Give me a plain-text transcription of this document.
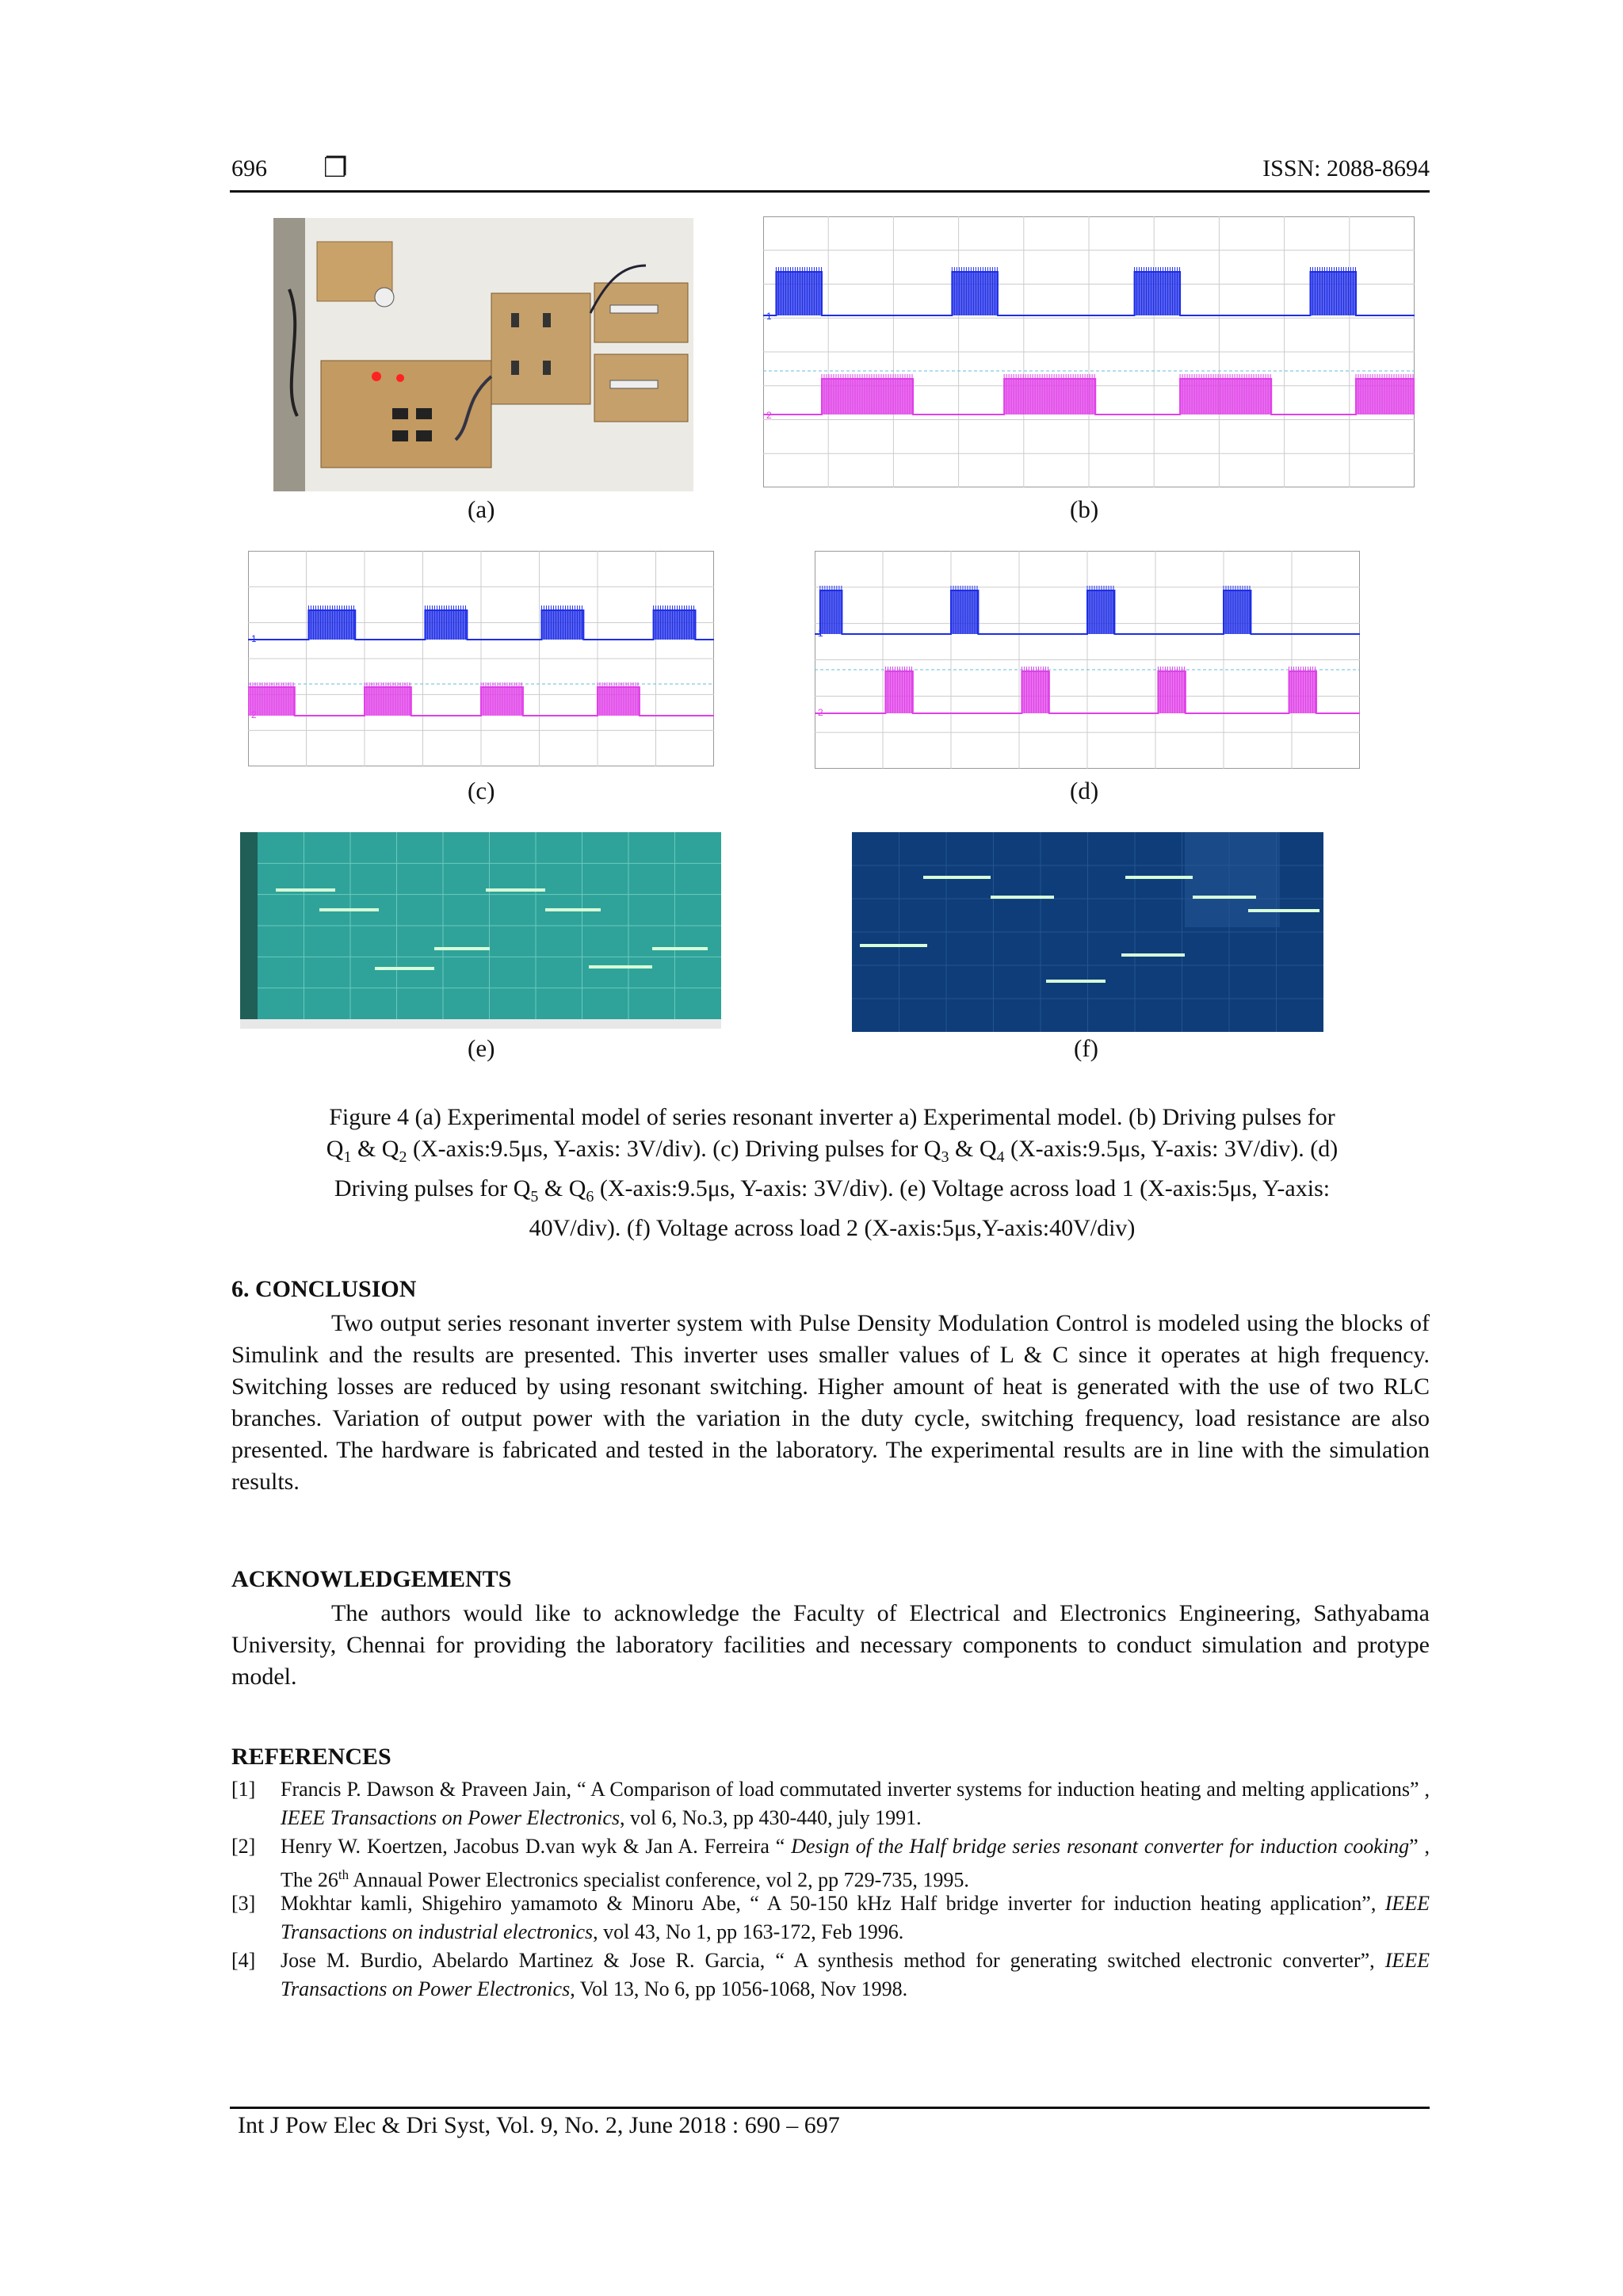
696 ❐	ISSN: 2088-8694
(a)
1
2
(b)
1
2
(c)
1
2
(d)
(e)	(f)
Figure 4 (a) Experimental model of series resonant inverter a) Experimental model. (b) Driving pulses for
$Q_1$ & $Q_2$ (X-axis:9.5μs, Y-axis: 3V/div). (c) Driving pulses for $Q_3$ & $Q_4$ (X-axis:9.5μs, Y-axis: 3V/div). (d)
Driving pulses for $Q_5$ & $Q_6$ (X-axis:9.5μs, Y-axis: 3V/div). (e) Voltage across load 1 (X-axis:5μs, Y-axis:
40V/div). (f) Voltage across load 2 (X-axis:5μs,Y-axis:40V/div)
6. CONCLUSION
Two output series resonant inverter system with Pulse Density Modulation Control is modeled using the blocks of Simulink and the results are presented. This inverter uses smaller values of L & C since it operates at high frequency. Switching losses are reduced by using resonant switching. Higher amount of heat is generated with the use of two RLC branches. Variation of output power with the variation in the duty cycle, switching frequency, load resistance are also presented. The hardware is fabricated and tested in the laboratory. The experimental results are in line with the simulation results.
ACKNOWLEDGEMENTS
The authors would like to acknowledge the Faculty of Electrical and Electronics Engineering, Sathyabama University, Chennai for providing the laboratory facilities and necessary components to conduct simulation and protype model.
REFERENCES
[1] Francis P. Dawson & Praveen Jain, “ A Comparison of load commutated inverter systems for induction heating and melting applications” , IEEE Transactions on Power Electronics, vol 6, No.3, pp 430-440, july 1991.
[2] Henry W. Koertzen, Jacobus D.van wyk & Jan A. Ferreira “ Design of the Half bridge series resonant converter for induction cooking” , The 26th Annaual Power Electronics specialist conference, vol 2, pp 729-735, 1995.
[3] Mokhtar kamli, Shigehiro yamamoto & Minoru Abe, “ A 50-150 kHz Half bridge inverter for induction heating application”, IEEE Transactions on industrial electronics, vol 43, No 1, pp 163-172, Feb 1996.
[4] Jose M. Burdio, Abelardo Martinez & Jose R. Garcia, “ A synthesis method for generating switched electronic converter”, IEEE Transactions on Power Electronics, Vol 13, No 6, pp 1056-1068, Nov 1998.
Int J Pow Elec & Dri Syst, Vol. 9, No. 2, June 2018 : 690 – 697
